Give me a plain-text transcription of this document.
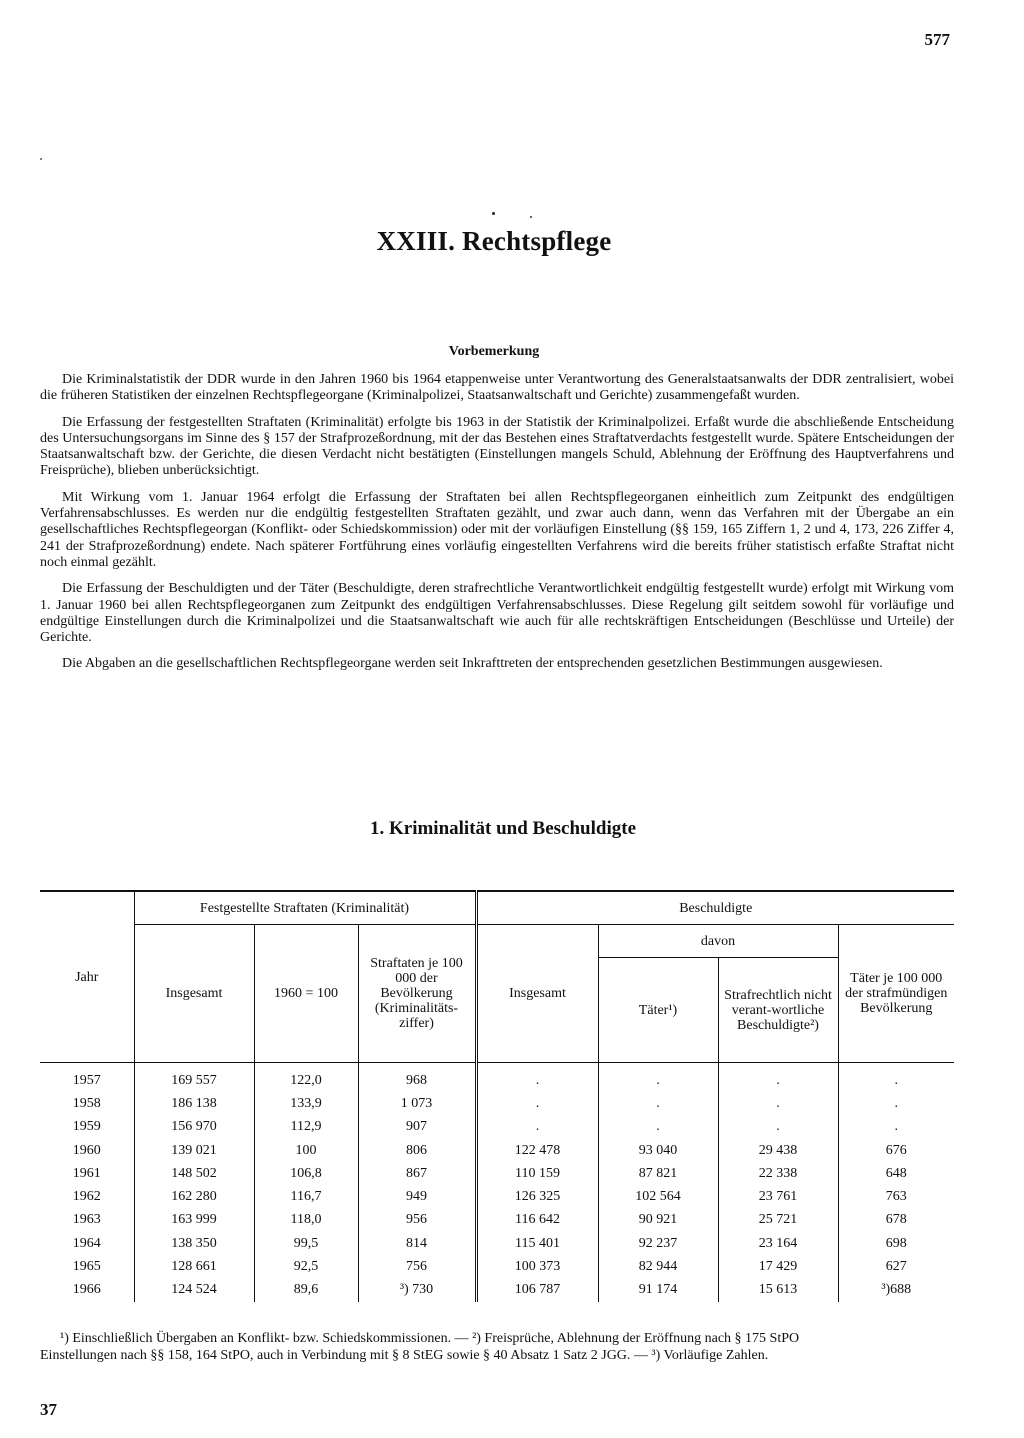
577
XXIII. Rechtspflege
Vorbemerkung

Die Kriminalstatistik der DDR wurde in den Jahren 1960 bis 1964 etappenweise unter Verantwortung des Generalstaatsanwalts der DDR zentralisiert, wobei die früheren Statistiken der einzelnen Rechtspflegeorgane (Kriminalpolizei, Staatsanwaltschaft und Gerichte) zusammengefaßt wurden.

Die Erfassung der festgestellten Straftaten (Kriminalität) erfolgte bis 1963 in der Statistik der Kriminalpolizei. Erfaßt wurde die abschließende Entscheidung des Untersuchungsorgans im Sinne des § 157 der Strafprozeßordnung, mit der das Bestehen eines Straftatverdachts festgestellt wurde. Spätere Entscheidungen der Staatsanwaltschaft bzw. der Gerichte, die diesen Verdacht nicht bestätigten (Einstellungen mangels Schuld, Ablehnung der Eröffnung des Hauptverfahrens und Freisprüche), blieben unberücksichtigt.

Mit Wirkung vom 1. Januar 1964 erfolgt die Erfassung der Straftaten bei allen Rechtspflegeorganen einheitlich zum Zeitpunkt des endgültigen Verfahrensabschlusses. Es werden nur die endgültig festgestellten Straftaten gezählt, und zwar auch dann, wenn das Verfahren mit der Übergabe an ein gesellschaftliches Rechtspflegeorgan (Konflikt- oder Schiedskommission) oder mit der vorläufigen Einstellung (§§ 159, 165 Ziffern 1, 2 und 4, 173, 226 Ziffer 4, 241 der Strafprozeßordnung) endete. Nach späterer Fortführung eines vorläufig eingestellten Verfahrens wird die bereits früher statistisch erfaßte Straftat nicht noch einmal gezählt.

Die Erfassung der Beschuldigten und der Täter (Beschuldigte, deren strafrechtliche Verantwortlichkeit endgültig festgestellt wurde) erfolgt mit Wirkung vom 1. Januar 1960 bei allen Rechtspflegeorganen zum Zeitpunkt des endgültigen Verfahrensabschlusses. Diese Regelung gilt seitdem sowohl für vorläufige und endgültige Einstellungen durch die Kriminalpolizei und die Staatsanwaltschaft wie auch für alle rechtskräftigen Entscheidungen (Beschlüsse und Urteile) der Gerichte.

Die Abgaben an die gesellschaftlichen Rechtspflegeorgane werden seit Inkrafttreten der entsprechenden gesetzlichen Bestimmungen ausgewiesen.

1. Kriminalität und Beschuldigte
Jahr	Festgestellte Straftaten (Kriminalität)			Beschuldigte			
	Insgesamt	1960 = 100	Straftaten je 100 000 der Bevölkerung (Kriminalitäts-ziffer)	Insgesamt	davon		Täter je 100 000 der strafmündigen Bevölkerung
					Täter¹)	Strafrechtlich nicht verant-wortliche Beschuldigte²)	
1957	169 557	122,0	968	.	.	.	.
1958	186 138	133,9	1 073	.	.	.	.
1959	156 970	112,9	907	.	.	.	.
1960	139 021	100	806	122 478	93 040	29 438	676
1961	148 502	106,8	867	110 159	87 821	22 338	648
1962	162 280	116,7	949	126 325	102 564	23 761	763
1963	163 999	118,0	956	116 642	90 921	25 721	678
1964	138 350	99,5	814	115 401	92 237	23 164	698
1965	128 661	92,5	756	100 373	82 944	17 429	627
1966	124 524	89,6	³) 730	106 787	91 174	15 613	³)688

¹) Einschließlich Übergaben an Konflikt- bzw. Schiedskommissionen. — ²) Freisprüche, Ablehnung der Eröffnung nach § 175 StPO

Einstellungen nach §§ 158, 164 StPO, auch in Verbindung mit § 8 StEG sowie § 40 Absatz 1 Satz 2 JGG. — ³) Vorläufige Zahlen.

37
